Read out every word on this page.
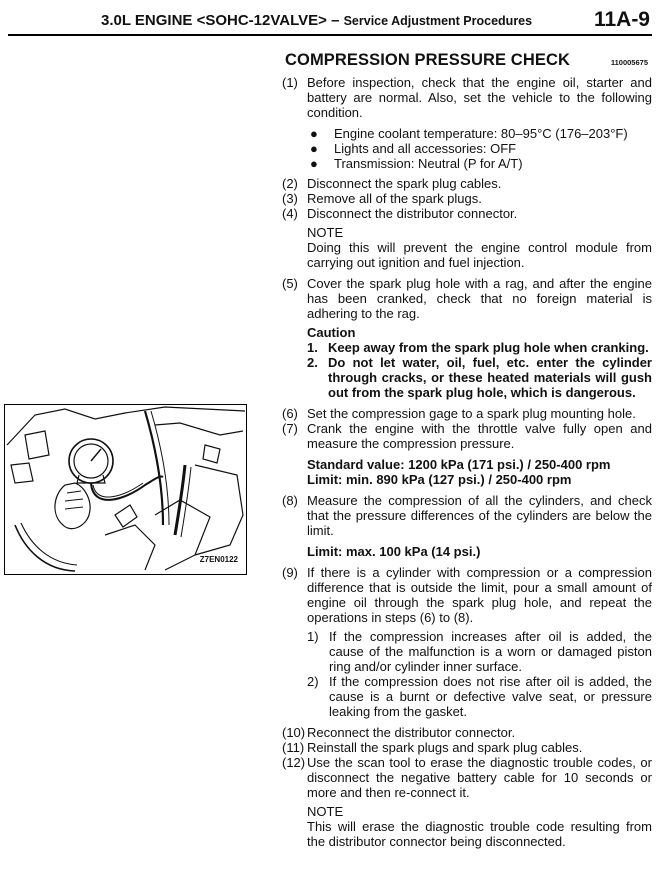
3.0L ENGINE <SOHC-12VALVE> – Service Adjustment Procedures	11A-9
COMPRESSION PRESSURE CHECK	110005675
Z7EN0122
(1) Before inspection, check that the engine oil, starter and battery are normal. Also, set the vehicle to the following condition.
●	Engine coolant temperature: 80–95°C (176–203°F)
●	Lights and all accessories: OFF
●	Transmission: Neutral (P for A/T)
(2) Disconnect the spark plug cables.
(3) Remove all of the spark plugs.
(4) Disconnect the distributor connector.
NOTE
Doing this will prevent the engine control module from carrying out ignition and fuel injection.
(5) Cover the spark plug hole with a rag, and after the engine has been cranked, check that no foreign material is adhering to the rag.
Caution
1. Keep away from the spark plug hole when cranking.
2. Do not let water, oil, fuel, etc. enter the cylinder through cracks, or these heated materials will gush out from the spark plug hole, which is dangerous.
(6) Set the compression gage to a spark plug mounting hole.
(7) Crank the engine with the throttle valve fully open and measure the compression pressure.
Standard value: 1200 kPa (171 psi.) / 250-400 rpm
Limit: min. 890 kPa (127 psi.) / 250-400 rpm
(8) Measure the compression of all the cylinders, and check that the pressure differences of the cylinders are below the limit.
Limit: max. 100 kPa (14 psi.)
(9) If there is a cylinder with compression or a compression difference that is outside the limit, pour a small amount of engine oil through the spark plug hole, and repeat the operations in steps (6) to (8).
1) If the compression increases after oil is added, the cause of the malfunction is a worn or damaged piston ring and/or cylinder inner surface.
2) If the compression does not rise after oil is added, the cause is a burnt or defective valve seat, or pressure leaking from the gasket.
(10) Reconnect the distributor connector.
(11) Reinstall the spark plugs and spark plug cables.
(12) Use the scan tool to erase the diagnostic trouble codes, or disconnect the negative battery cable for 10 seconds or more and then re-connect it.
NOTE
This will erase the diagnostic trouble code resulting from the distributor connector being disconnected.
